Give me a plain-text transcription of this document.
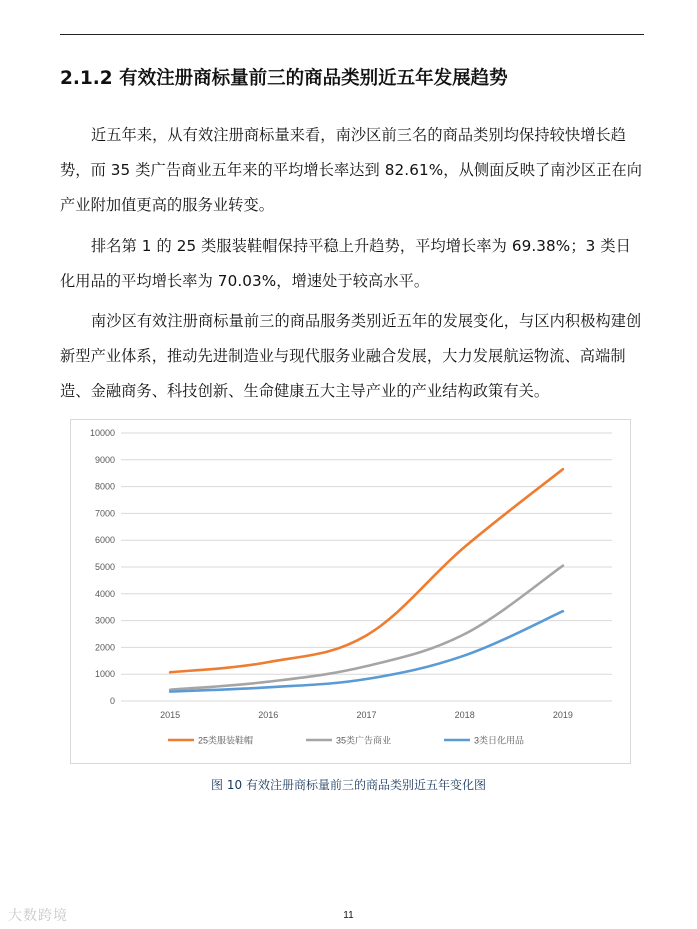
2.1.2 有效注册商标量前三的商品类别近五年发展趋势

近五年来，从有效注册商标量来看，南沙区前三名的商品类别均保持较快增长趋势，而 35 类广告商业五年来的平均增长率达到 82.61%，从侧面反映了南沙区正在向产业附加值更高的服务业转变。

排名第 1 的 25 类服装鞋帽保持平稳上升趋势，平均增长率为 69.38%；3 类日化用品的平均增长率为 70.03%，增速处于较高水平。

南沙区有效注册商标量前三的商品服务类别近五年的发展变化，与区内积极构建创新型产业体系，推动先进制造业与现代服务业融合发展，大力发展航运物流、高端制造、金融商务、科技创新、生命健康五大主导产业的产业结构政策有关。

0
1000
2000
3000
4000
5000
6000
7000
8000
9000
10000
2015	2016	2017	2018	2019
25类服装鞋帽	35类广告商业	3类日化用品
图 10 有效注册商标量前三的商品类别近五年变化图
大数跨境	11
